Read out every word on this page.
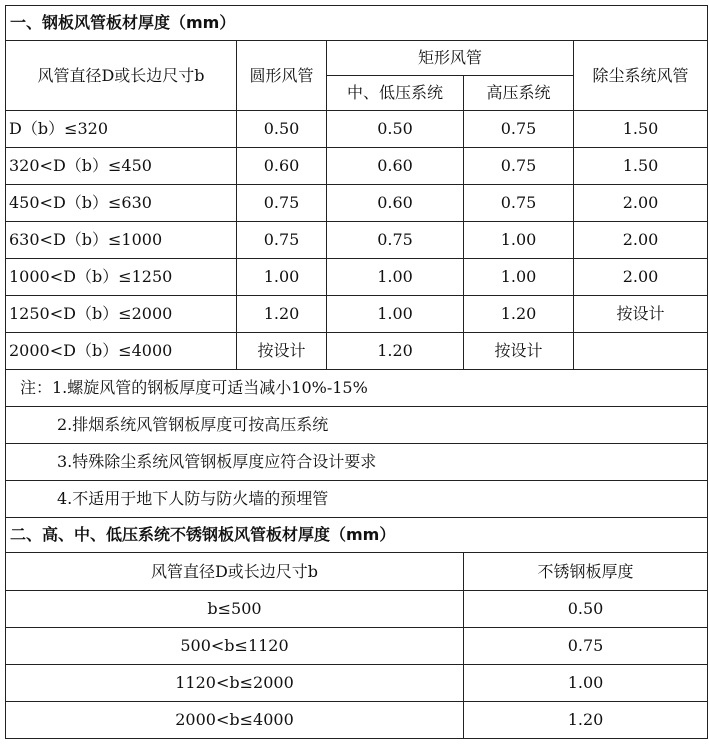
一、钢板风管板材厚度（mm）				
风管直径D或长边尺寸b	圆形风管	矩形风管		除尘系统风管
		中、低压系统	高压系统	
D（b）≤320	0.50	0.50	0.75	1.50
320<D（b）≤450	0.60	0.60	0.75	1.50
450<D（b）≤630	0.75	0.60	0.75	2.00
630<D（b）≤1000	0.75	0.75	1.00	2.00
1000<D（b）≤1250	1.00	1.00	1.00	2.00
1250<D（b）≤2000	1.20	1.00	1.20	按设计
2000<D（b）≤4000	按设计	1.20	按设计	
注：1.螺旋风管的钢板厚度可适当减小10%-15%				
2.排烟系统风管钢板厚度可按高压系统				
3.特殊除尘系统风管钢板厚度应符合设计要求				
4.不适用于地下人防与防火墙的预埋管				
二、高、中、低压系统不锈钢板风管板材厚度（mm）	
风管直径D或长边尺寸b	不锈钢板厚度
b≤500	0.50
500<b≤1120	0.75
1120<b≤2000	1.00
2000<b≤4000	1.20
